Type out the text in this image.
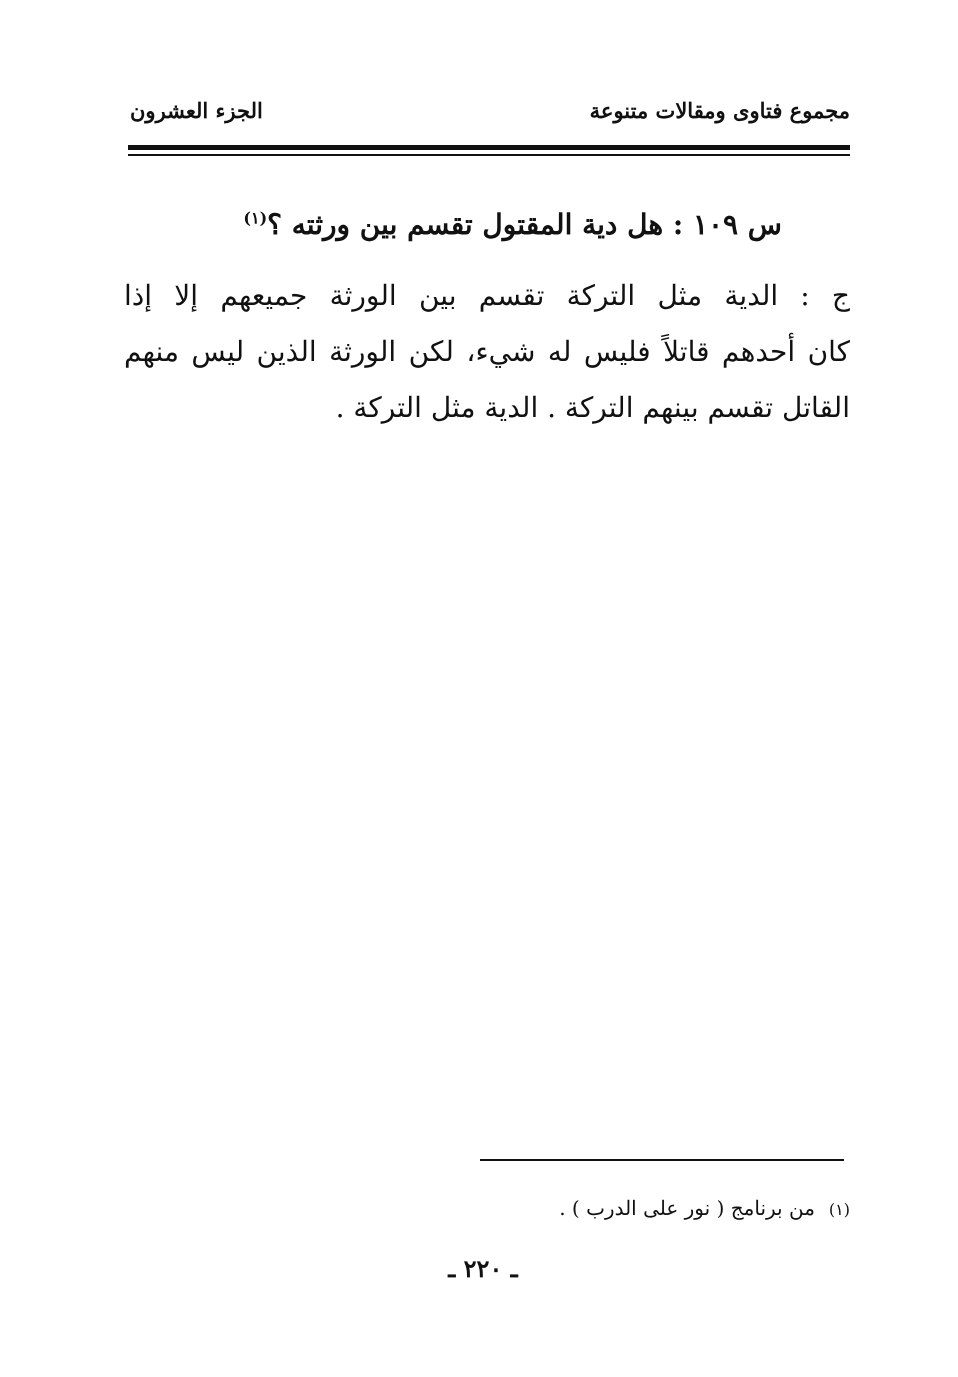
مجموع فتاوى ومقالات متنوعة
الجزء العشرون
س ١٠٩ : هل دية المقتول تقسم بين ورثته ؟$^{(١)}$
ج :الدية مثل التركة تقسم بين الورثة جميعهم إلا إذا
كان أحدهم قاتلاً فليس له شيء، لكن الورثة الذين ليس منهم
القاتل تقسم بينهم التركة . الدية مثل التركة .
(١)من برنامج ( نور على الدرب ) .
ـ ٢٢٠ ـ
